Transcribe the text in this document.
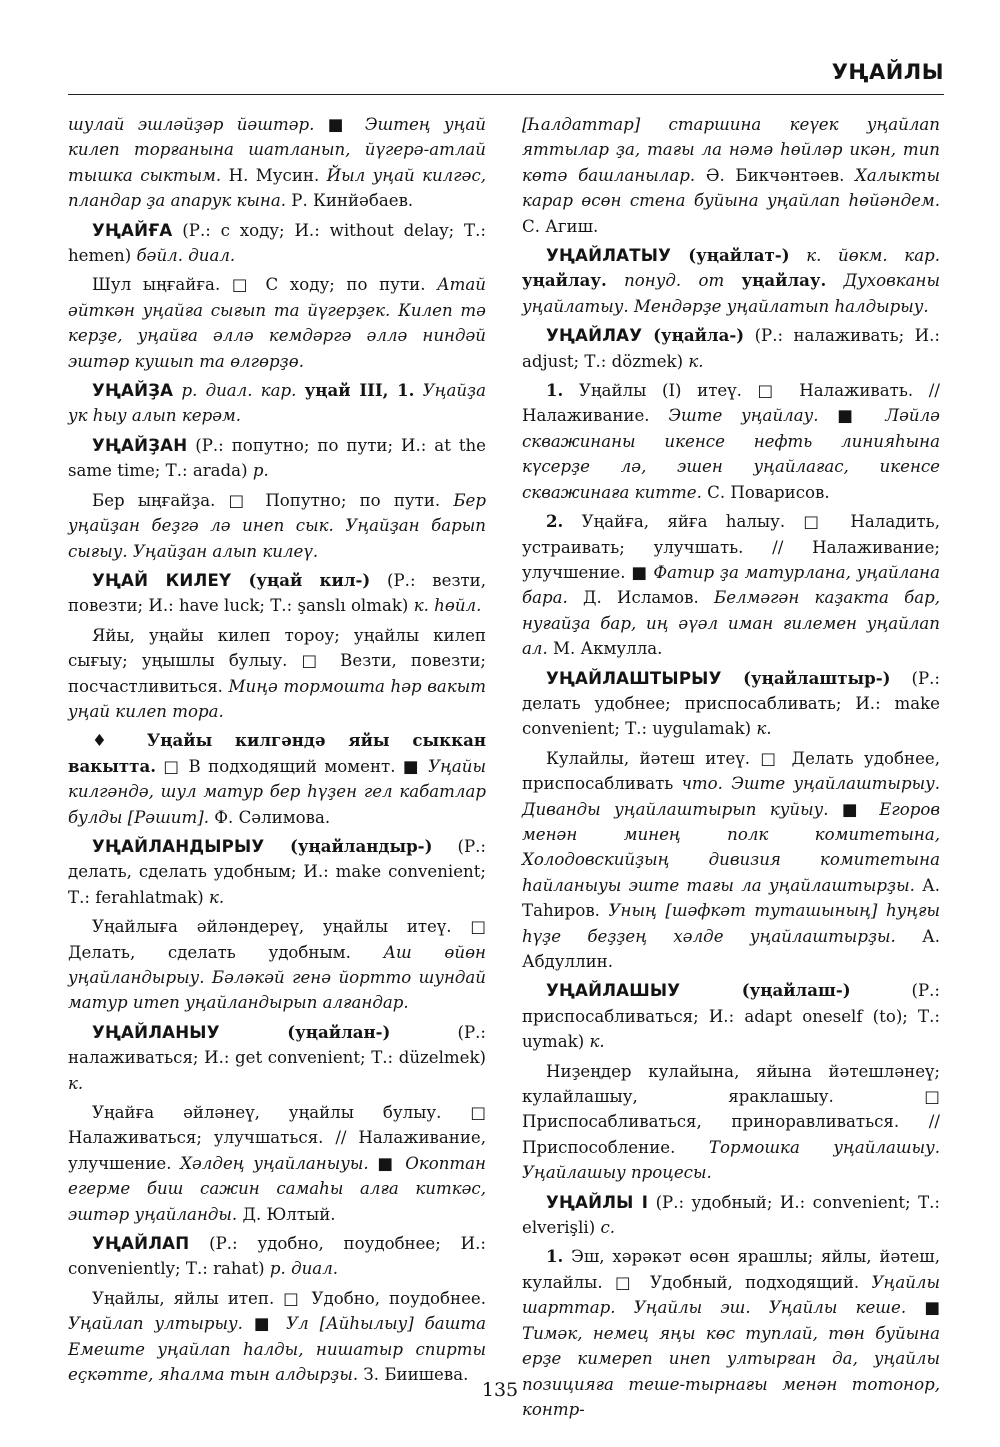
УҢАЙЛЫ

шулай эшләйҙәр йәштәр. ■ Эштең уңай килеп торғанына шатланып, йүгерә-атлай тышка сыктым. Н. Мусин. Йыл уңай килгәс, пландар ҙа апарук кына. Р. Кинйәбаев.

УҢАЙҒА (Р.: с ходу; И.: without delay; Т.: hemen) бәйл. диал.

Шул ыңғайға. □ С ходу; по пути. Атай әйткән уңайға сығып та йүгерҙек. Килеп тә керҙе, уңайға әллә кемдәргә әллә ниндәй эштәр кушып та өлгөрҙө.

УҢАЙҘА р. диал. кар. уңай III, 1. Уңайҙа ук һыу алып керәм.

УҢАЙҘАН (Р.: попутно; по пути; И.: at the same time; Т.: arada) р.

Бер ыңғайҙа. □ Попутно; по пути. Бер уңайҙан беҙгә лә инеп сык. Уңайҙан барып сығыу. Уңайҙан алып килеү.

УҢАЙ КИЛЕҮ (уңай кил-) (Р.: везти, повезти; И.: have luck; Т.: şanslı olmak) к. һөйл.

Яйы, уңайы килеп тороу; уңайлы килеп сығыу; уңышлы булыу. □ Везти, повезти; посчастливиться. Миңә тормошта һәр вакыт уңай килеп тора.

♦ Уңайы килгәндә яйы сыккан вакытта. □ В подходящий момент. ■ Уңайы килгәндә, шул матур бер һүҙен гел кабатлар булды [Рәшит]. Ф. Сәлимова.

УҢАЙЛАНДЫРЫУ (уңайландыр-) (Р.: делать, сделать удобным; И.: make convenient; Т.: ferahlatmak) к.

Уңайлыға әйләндереү, уңайлы итеү. □ Делать, сделать удобным. Аш өйөн уңайландырыу. Бәләкәй генә йортто шундай матур итеп уңайландырып алғандар.

УҢАЙЛАНЫУ (уңайлан-) (Р.: налаживаться; И.: get convenient; Т.: düzelmek) к.

Уңайға әйләнеү, уңайлы булыу. □ Налаживаться; улучшаться. // Налаживание, улучшение. Хәлдең уңайланыуы. ■ Окоптан егерме биш сажин самаһы алға киткәс, эштәр уңайланды. Д. Юлтый.

УҢАЙЛАП (Р.: удобно, поудобнее; И.: conveniently; Т.: rahat) р. диал.

Уңайлы, яйлы итеп. □ Удобно, поудобнее. Уңайлап ултырыу. ■ Ул [Айһылыу] башта Емеште уңайлап һалды, нишатыр спирты еҫкәтте, яһалма тын алдырҙы. З. Биишева.

[Һалдаттар] старшина кеүек уңайлап яттылар ҙа, тағы ла нәмә һөйләр икән, тип көтә башланылар. Ә. Бикчәнтәев. Халыкты карар өсөн стена буйына уңайлап һөйәндем. С. Агиш.

УҢАЙЛАТЫУ (уңайлат-) к. йөкм. кар. уңайлау. понуд. от уңайлау. Духовканы уңайлатыу. Мендәрҙе уңайлатып һалдырыу.

УҢАЙЛАУ (уңайла-) (Р.: налаживать; И.: adjust; Т.: dözmek) к.

1. Уңайлы (I) итеү. □ Налаживать. // Налаживание. Эште уңайлау. ■ Ләйлә скважинаны икенсе нефть линияһына күсерҙе лә, эшен уңайлағас, икенсе скважинаға китте. С. Поварисов.

2. Уңайға, яйға һалыу. □ Наладить, устраивать; улучшать. // Налаживание; улучшение. ■ Фатир ҙа матурлана, уңайлана бара. Д. Исламов. Белмәгән каҙакта бар, нуғайҙа бар, иң әүәл иман ғилемен уңайлап ал. М. Акмулла.

УҢАЙЛАШТЫРЫУ (уңайлаштыр-) (Р.: делать удобнее; приспосабливать; И.: make convenient; Т.: uygulamak) к.

Кулайлы, йәтеш итеү. □ Делать удобнее, приспосабливать что. Эште уңайлаштырыу. Диванды уңайлаштырып куйыу. ■ Егоров менән минең полк комитетына, Холодовскийҙың дивизия комитетына һайланыуы эште тағы ла уңайлаштырҙы. А. Таһиров. Уның [шәфкәт туташының] һуңғы һүҙе беҙҙең хәлде уңайлаштырҙы. А. Абдуллин.

УҢАЙЛАШЫУ (уңайлаш-) (Р.: приспосабливаться; И.: adapt oneself (to); Т.: uymak) к.

Ниҙеңдер кулайына, яйына йәтешләнеү; кулайлашыу, ярaклашыу. □ Приспосабливаться, приноравливаться. // Приспособление. Тормошка уңайлашыу. Уңайлашыу процесы.

УҢАЙЛЫ I (Р.: удобный; И.: convenient; Т.: elverişli) с.

1. Эш, хәрәкәт өсөн ярашлы; яйлы, йәтеш, кулайлы. □ Удобный, подходящий. Уңайлы шарттар. Уңайлы эш. Уңайлы кеше. ■ Тимәк, немец яңы көс туплай, төн буйына ерҙе кимереп инеп ултырған да, уңайлы позицияға теше-тырнағы менән тотонор, контр-

135
